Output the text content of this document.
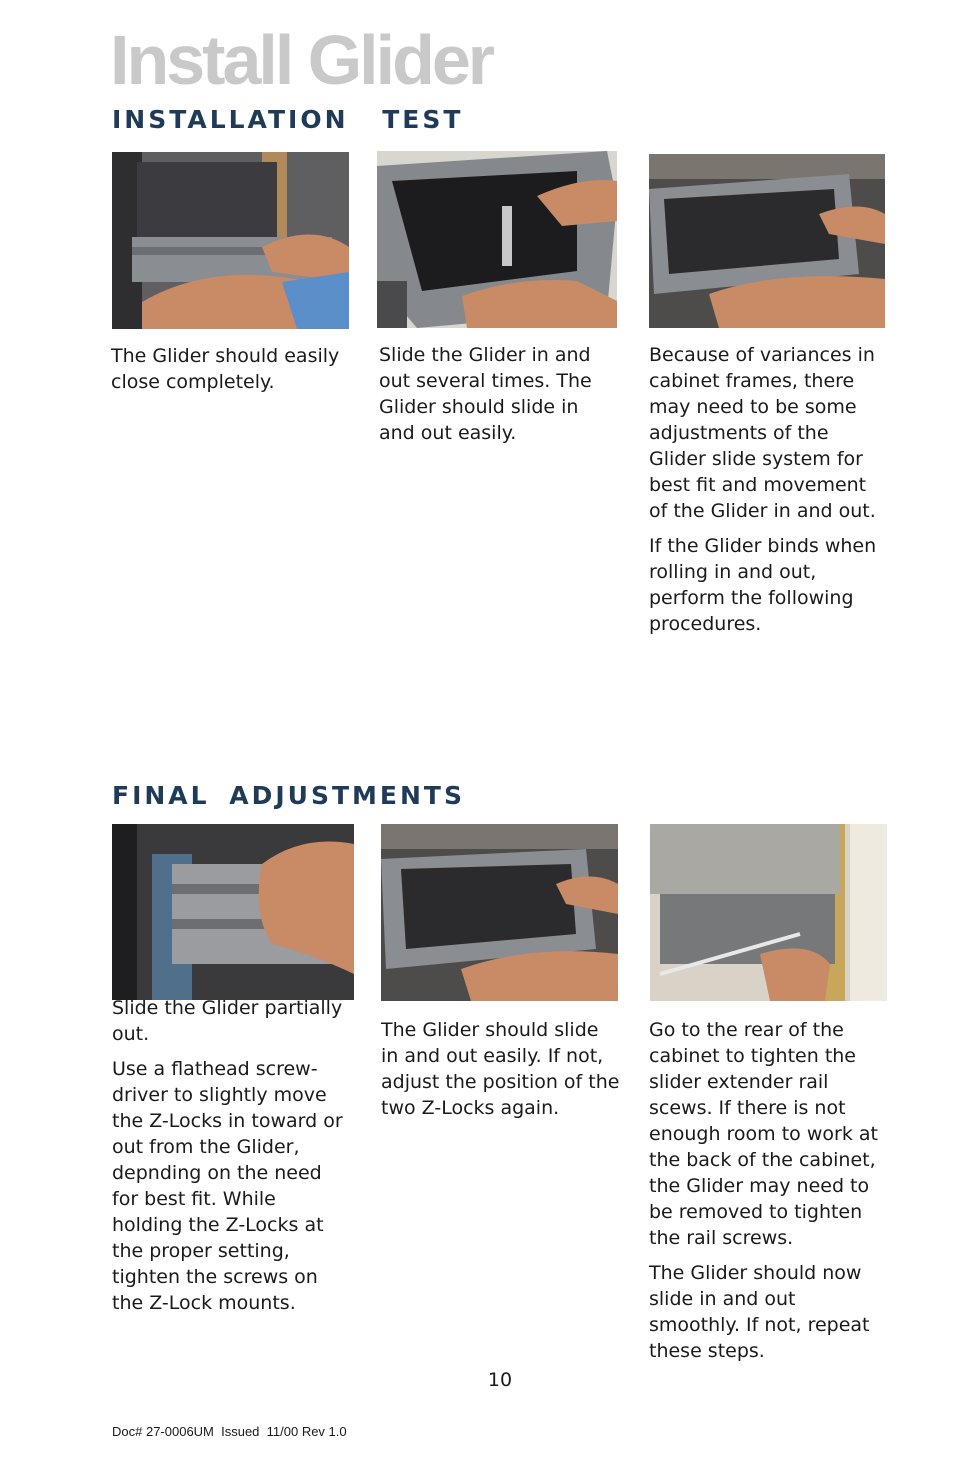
Install Glider
INSTALLATION TEST

The Glider should easily close completely.

Slide the Glider in and out several times. The Glider should slide in and out easily.

Because of variances in cabinet frames, there may need to be some adjustments of the Glider slide system for best fit and movement of the Glider in and out.

If the Glider binds when rolling in and out, perform the following procedures.

FINAL ADJUSTMENTS

Slide the Glider partially out.

Use a flathead screw-driver to slightly move the Z-Locks in toward or out from the Glider, depnding on the need for best fit. While holding the Z-Locks at the proper setting, tighten the screws on the Z-Lock mounts.

The Glider should slide in and out easily. If not, adjust the position of the two Z-Locks again.

Go to the rear of the cabinet to tighten the slider extender rail scews. If there is not enough room to work at the back of the cabinet, the Glider may need to be removed to tighten the rail screws.

The Glider should now slide in and out smoothly. If not, repeat these steps.

10
Doc# 27-0006UM  Issued  11/00 Rev 1.0
